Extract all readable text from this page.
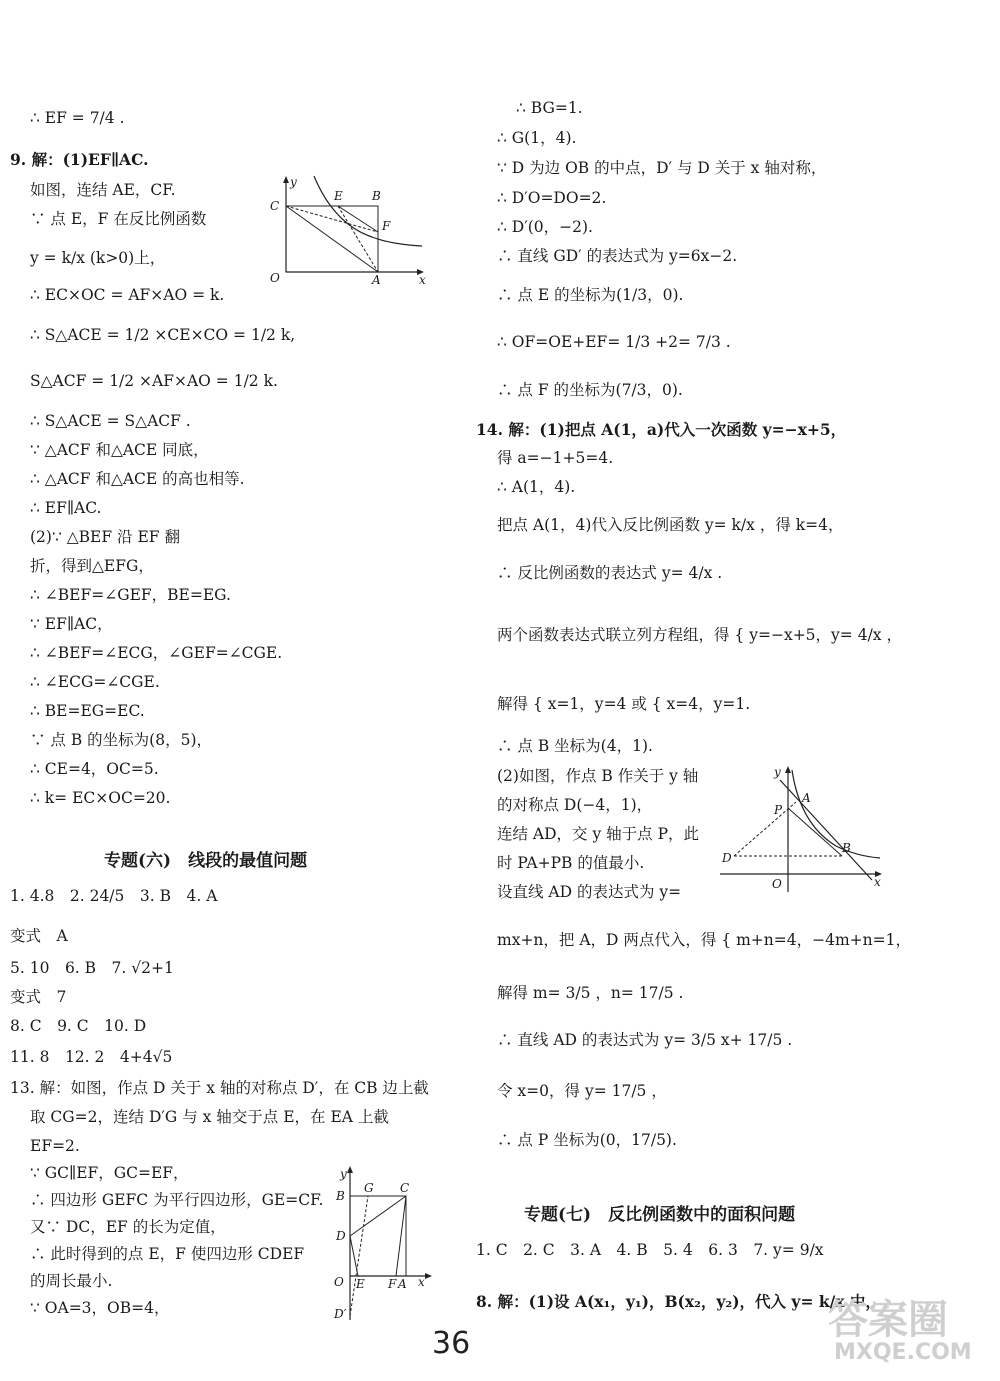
∴ EF = 7/4 .
9. 解：(1)EF∥AC.
如图，连结 AE，CF.
∵ 点 E，F 在反比例函数
y = k/x (k>0)上，
∴ EC×OC = AF×AO = k.
∴ S△ACE = 1/2 ×CE×CO = 1/2 k,
S△ACF = 1/2 ×AF×AO = 1/2 k.
∴ S△ACE = S△ACF .
∵ △ACF 和△ACE 同底，
∴ △ACF 和△ACE 的高也相等.
∴ EF∥AC.
(2)∵ △BEF 沿 EF 翻
折，得到△EFG，
∴ ∠BEF=∠GEF，BE=EG.
∵ EF∥AC，
∴ ∠BEF=∠ECG，∠GEF=∠CGE.
∴ ∠ECG=∠CGE.
∴ BE=EG=EC.
∵ 点 B 的坐标为(8，5)，
∴ CE=4，OC=5.
∴ k= EC×OC=20.
专题(六)　线段的最值问题
1. 4.8　2. 24/5　3. B　4. A
变式　A
5. 10　6. B　7. √2+1
变式　7
8. C　9. C　10. D
11. 8　12. 2　4+4√5
13. 解：如图，作点 D 关于 x 轴的对称点 D′，在 CB 边上截
取 CG=2，连结 D′G 与 x 轴交于点 E，在 EA 上截
EF=2.
∵ GC∥EF，GC=EF，
∴ 四边形 GEFC 为平行四边形，GE=CF.
又∵ DC，EF 的长为定值，
∴ 此时得到的点 E，F 使四边形 CDEF
的周长最小.
∵ OA=3，OB=4，
y
x
O
C
E B
F
A
y
x
O
B
G C
D
E F A
D′
∴ BG=1.
∴ G(1，4).
∵ D 为边 OB 的中点，D′ 与 D 关于 x 轴对称，
∴ D′O=DO=2.
∴ D′(0，−2).
∴ 直线 GD′ 的表达式为 y=6x−2.
∴ 点 E 的坐标为(1/3，0).
∴ OF=OE+EF= 1/3 +2= 7/3 .
∴ 点 F 的坐标为(7/3，0).
14. 解：(1)把点 A(1，a)代入一次函数 y=−x+5，
得 a=−1+5=4.
∴ A(1，4).
把点 A(1，4)代入反比例函数 y= k/x ，得 k=4，
∴ 反比例函数的表达式 y= 4/x .
两个函数表达式联立列方程组，得 { y=−x+5，y= 4/x ，
解得 { x=1，y=4 或 { x=4，y=1.
∴ 点 B 坐标为(4，1).
(2)如图，作点 B 作关于 y 轴
的对称点 D(−4，1)，
连结 AD，交 y 轴于点 P，此
时 PA+PB 的值最小.
设直线 AD 的表达式为 y=
mx+n，把 A，D 两点代入，得 { m+n=4，−4m+n=1，
解得 m= 3/5 ，n= 17/5 .
∴ 直线 AD 的表达式为 y= 3/5 x+ 17/5 .
令 x=0，得 y= 17/5 ，
∴ 点 P 坐标为(0，17/5).
专题(七)　反比例函数中的面积问题
1. C　2. C　3. A　4. B　5. 4　6. 3　7. y= 9/x
8. 解：(1)设 A(x₁，y₁)，B(x₂，y₂)，代入 y= k/x 中，
y
x
O
P
A
B
D
36
答案圈
MXQE.COM
